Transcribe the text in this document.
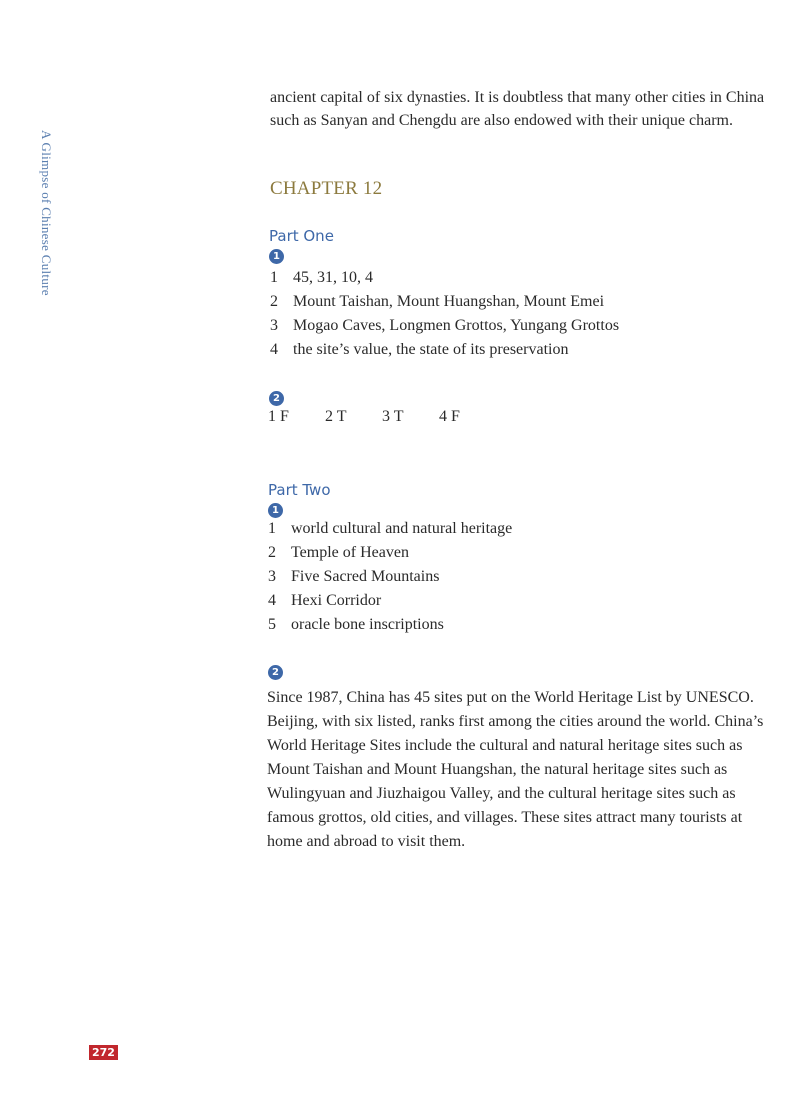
A Glimpse of Chinese Culture
ancient capital of six dynasties. It is doubtless that many other cities in China such as Sanyan and Chengdu are also endowed with their unique charm.
CHAPTER 12
Part One
1
1 45, 31, 10, 4
2 Mount Taishan, Mount Huangshan, Mount Emei
3 Mogao Caves, Longmen Grottos, Yungang Grottos
4 the site’s value, the state of its preservation
2
1 F	2 T	3 T	4 F
Part Two
1
1 world cultural and natural heritage
2 Temple of Heaven
3 Five Sacred Mountains
4 Hexi Corridor
5 oracle bone inscriptions
2
Since 1987, China has 45 sites put on the World Heritage List by UNESCO. Beijing, with six listed, ranks first among the cities around the world. China’s World Heritage Sites include the cultural and natural heritage sites such as Mount Taishan and Mount Huangshan, the natural heritage sites such as Wulingyuan and Jiuzhaigou Valley, and the cultural heritage sites such as famous grottos, old cities, and villages. These sites attract many tourists at home and abroad to visit them.
272
